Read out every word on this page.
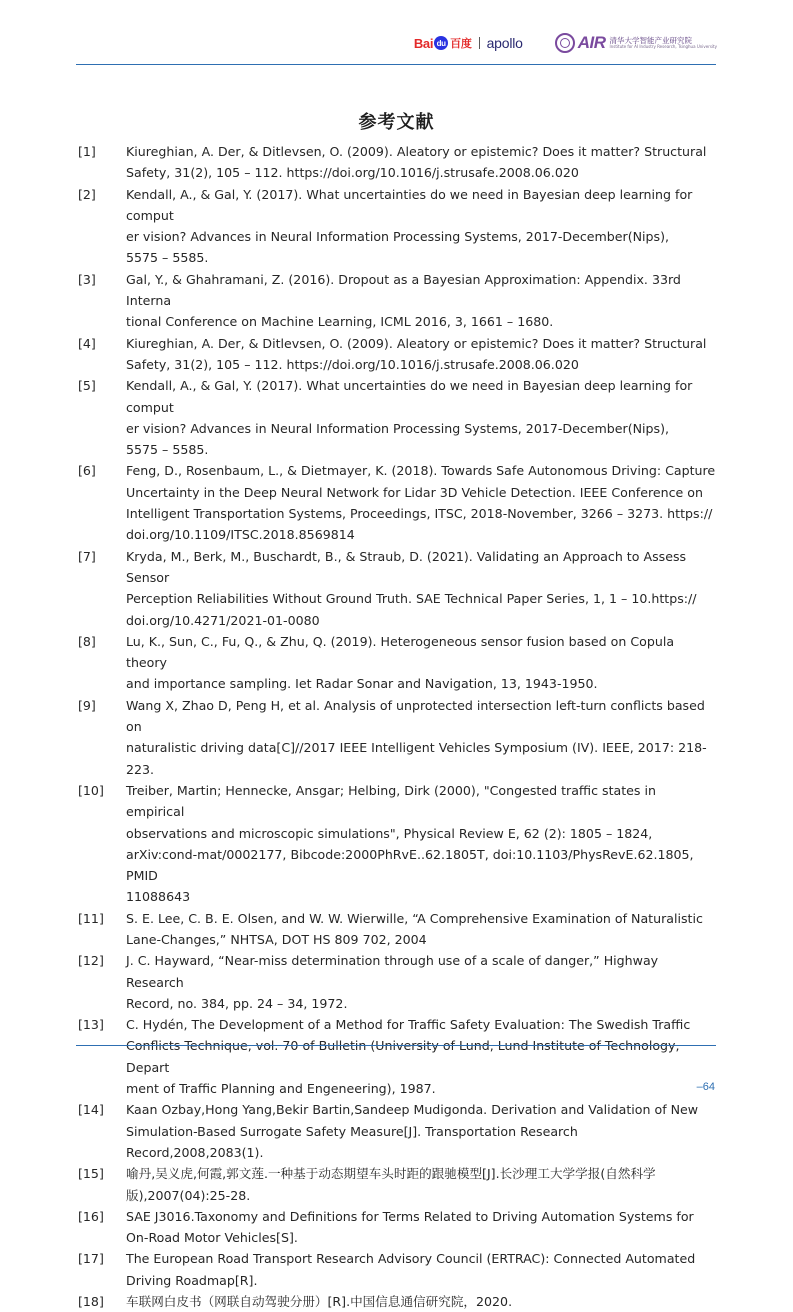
Bai du 百度 apollo	AIR 清华大学智能产业研究院
Institute for AI Industry Research, Tsinghua University
参考文献
[1]	Kiureghian, A. Der, & Ditlevsen, O. (2009). Aleatory or epistemic? Does it matter? Structural
Safety, 31(2), 105 – 112. https://doi.org/10.1016/j.strusafe.2008.06.020
[2]	Kendall, A., & Gal, Y. (2017). What uncertainties do we need in Bayesian deep learning for comput
er vision? Advances in Neural Information Processing Systems, 2017-December(Nips),
5575 – 5585.
[3]	Gal, Y., & Ghahramani, Z. (2016). Dropout as a Bayesian Approximation: Appendix. 33rd Interna
tional Conference on Machine Learning, ICML 2016, 3, 1661 – 1680.
[4]	Kiureghian, A. Der, & Ditlevsen, O. (2009). Aleatory or epistemic? Does it matter? Structural
Safety, 31(2), 105 – 112. https://doi.org/10.1016/j.strusafe.2008.06.020
[5]	Kendall, A., & Gal, Y. (2017). What uncertainties do we need in Bayesian deep learning for comput
er vision? Advances in Neural Information Processing Systems, 2017-December(Nips),
5575 – 5585.
[6]	Feng, D., Rosenbaum, L., & Dietmayer, K. (2018). Towards Safe Autonomous Driving: Capture
Uncertainty in the Deep Neural Network for Lidar 3D Vehicle Detection. IEEE Conference on
Intelligent Transportation Systems, Proceedings, ITSC, 2018-November, 3266 – 3273. https://
doi.org/10.1109/ITSC.2018.8569814
[7]	Kryda, M., Berk, M., Buschardt, B., & Straub, D. (2021). Validating an Approach to Assess Sensor
Perception Reliabilities Without Ground Truth. SAE Technical Paper Series, 1, 1 – 10.https://
doi.org/10.4271/2021-01-0080
[8]	Lu, K., Sun, C., Fu, Q., & Zhu, Q. (2019). Heterogeneous sensor fusion based on Copula theory
and importance sampling. Iet Radar Sonar and Navigation, 13, 1943-1950.
[9]	Wang X, Zhao D, Peng H, et al. Analysis of unprotected intersection left-turn conflicts based on
naturalistic driving data[C]//2017 IEEE Intelligent Vehicles Symposium (IV). IEEE, 2017: 218-223.
[10]	Treiber, Martin; Hennecke, Ansgar; Helbing, Dirk (2000), "Congested traffic states in empirical
observations and microscopic simulations", Physical Review E, 62 (2): 1805 – 1824,
arXiv:cond-mat/0002177, Bibcode:2000PhRvE..62.1805T, doi:10.1103/PhysRevE.62.1805, PMID
11088643
[11]	S. E. Lee, C. B. E. Olsen, and W. W. Wierwille, “A Comprehensive Examination of Naturalistic
Lane-Changes,” NHTSA, DOT HS 809 702, 2004
[12]	J. C. Hayward, “Near-miss determination through use of a scale of danger,” Highway Research
Record, no. 384, pp. 24 – 34, 1972.
[13]	C. Hydén, The Development of a Method for Traffic Safety Evaluation: The Swedish Traffic
Depart
ment of Traffic Planning and Engeneering), 1987.
[14]	Kaan Ozbay,Hong Yang,Bekir Bartin,Sandeep Mudigonda. Derivation and Validation of New
Simulation-Based Surrogate Safety Measure[J]. Transportation Research Record,2008,2083(1).
[15]	喻丹,吴义虎,何霞,郭文莲.一种基于动态期望车头时距的跟驰模型[J].长沙理工大学学报(自然科学版),2007(04):25-28.
[16]	SAE J3016.Taxonomy and Definitions for Terms Related to Driving Automation Systems for
On-Road Motor Vehicles[S].
[17]	The European Road Transport Research Advisory Council (ERTRAC): Connected Automated
Driving Roadmap[R].
[18]	车联网白皮书（网联自动驾驶分册）[R].中国信息通信研究院，2020.
–64
